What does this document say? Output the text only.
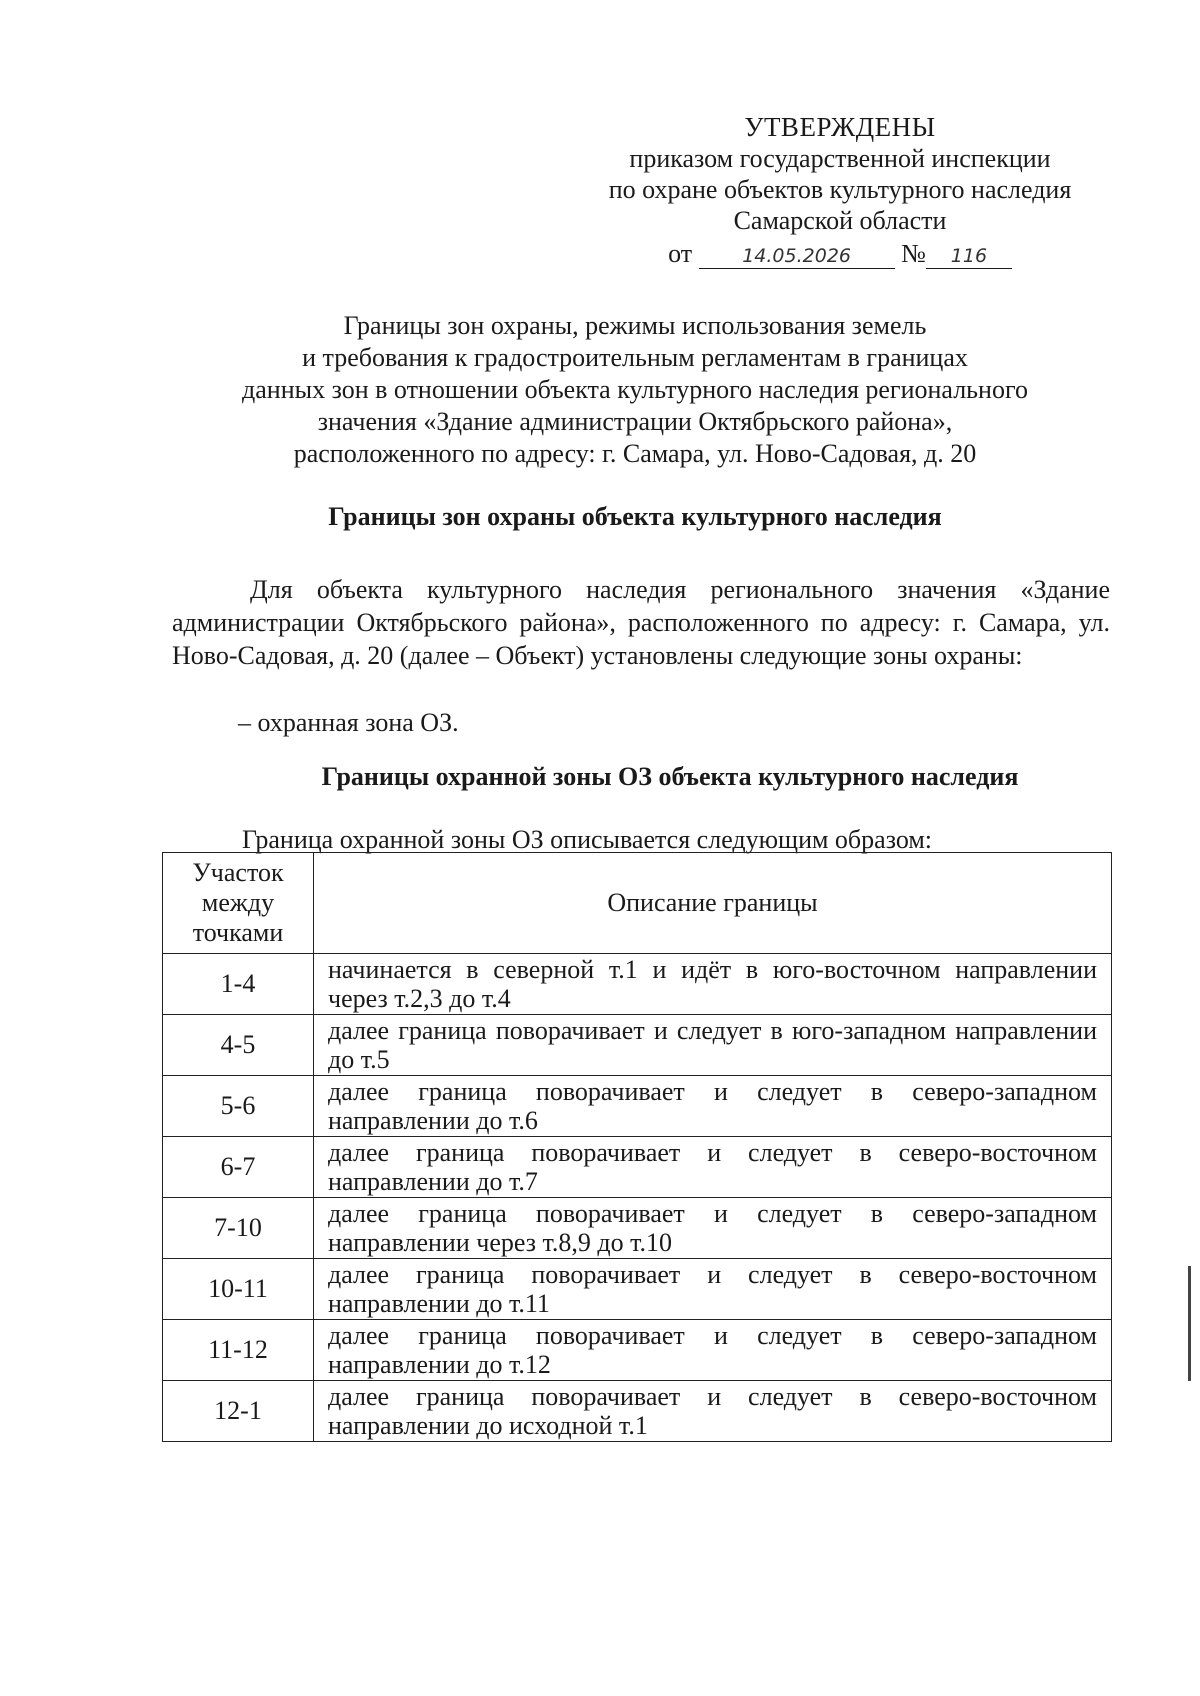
УТВЕРЖДЕНЫ
приказом государственной инспекции
по охране объектов культурного наследия
Самарской области
от	14.05.2026 № 116
Границы зон охраны, режимы использования земель
и требования к градостроительным регламентам в границах
данных зон в отношении объекта культурного наследия регионального
значения «Здание администрации Октябрьского района»,
расположенного по адресу: г. Самара, ул. Ново-Садовая, д. 20
Границы зон охраны объекта культурного наследия
Для объекта культурного наследия регионального значения «Здание администрации Октябрьского района», расположенного по адресу: г. Самара, ул. Ново-Садовая, д. 20 (далее – Объект) установлены следующие зоны охраны:
– охранная зона ОЗ.
Границы охранной зоны ОЗ объекта культурного наследия
Граница охранной зоны ОЗ описывается следующим образом:
Участок
между
точками	Описание границы
1-4	начинается в северной т.1 и идёт в юго-восточном направлении через т.2,3 до т.4
4-5	далее граница поворачивает и следует в юго-западном направлении до т.5
5-6	далее граница поворачивает и следует в северо-западном направлении до т.6
6-7	далее граница поворачивает и следует в северо-восточном направлении до т.7
7-10	далее граница поворачивает и следует в северо-западном направлении через т.8,9 до т.10
10-11	далее граница поворачивает и следует в северо-восточном направлении до т.11
11-12	далее граница поворачивает и следует в северо-западном направлении до т.12
12-1	далее граница поворачивает и следует в северо-восточном направлении до исходной т.1
